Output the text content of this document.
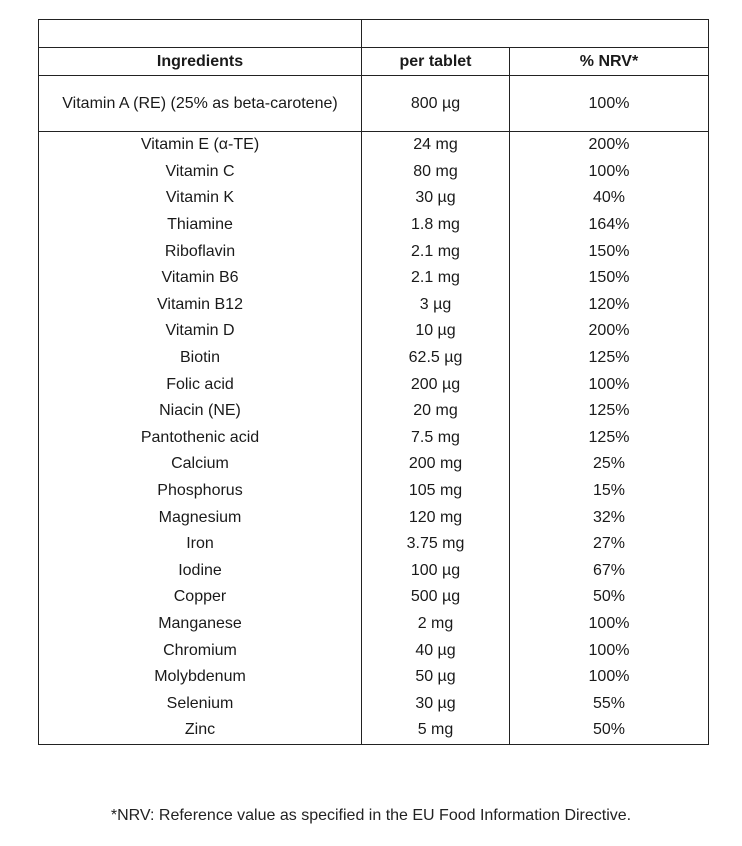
Ingredients	per tablet	% NRV*
Vitamin A (RE) (25% as beta-carotene)	800 µg	100%
Vitamin E (α-TE)	24 mg	200%
Vitamin C	80 mg	100%
Vitamin K	30 µg	40%
Thiamine	1.8 mg	164%
Riboflavin	2.1 mg	150%
Vitamin B6	2.1 mg	150%
Vitamin B12	3 µg	120%
Vitamin D	10 µg	200%
Biotin	62.5 µg	125%
Folic acid	200 µg	100%
Niacin (NE)	20 mg	125%
Pantothenic acid	7.5 mg	125%
Calcium	200 mg	25%
Phosphorus	105 mg	15%
Magnesium	120 mg	32%
Iron	3.75 mg	27%
Iodine	100 µg	67%
Copper	500 µg	50%
Manganese	2 mg	100%
Chromium	40 µg	100%
Molybdenum	50 µg	100%
Selenium	30 µg	55%
Zinc	5 mg	50%
*NRV: Reference value as specified in the EU Food Information Directive.
